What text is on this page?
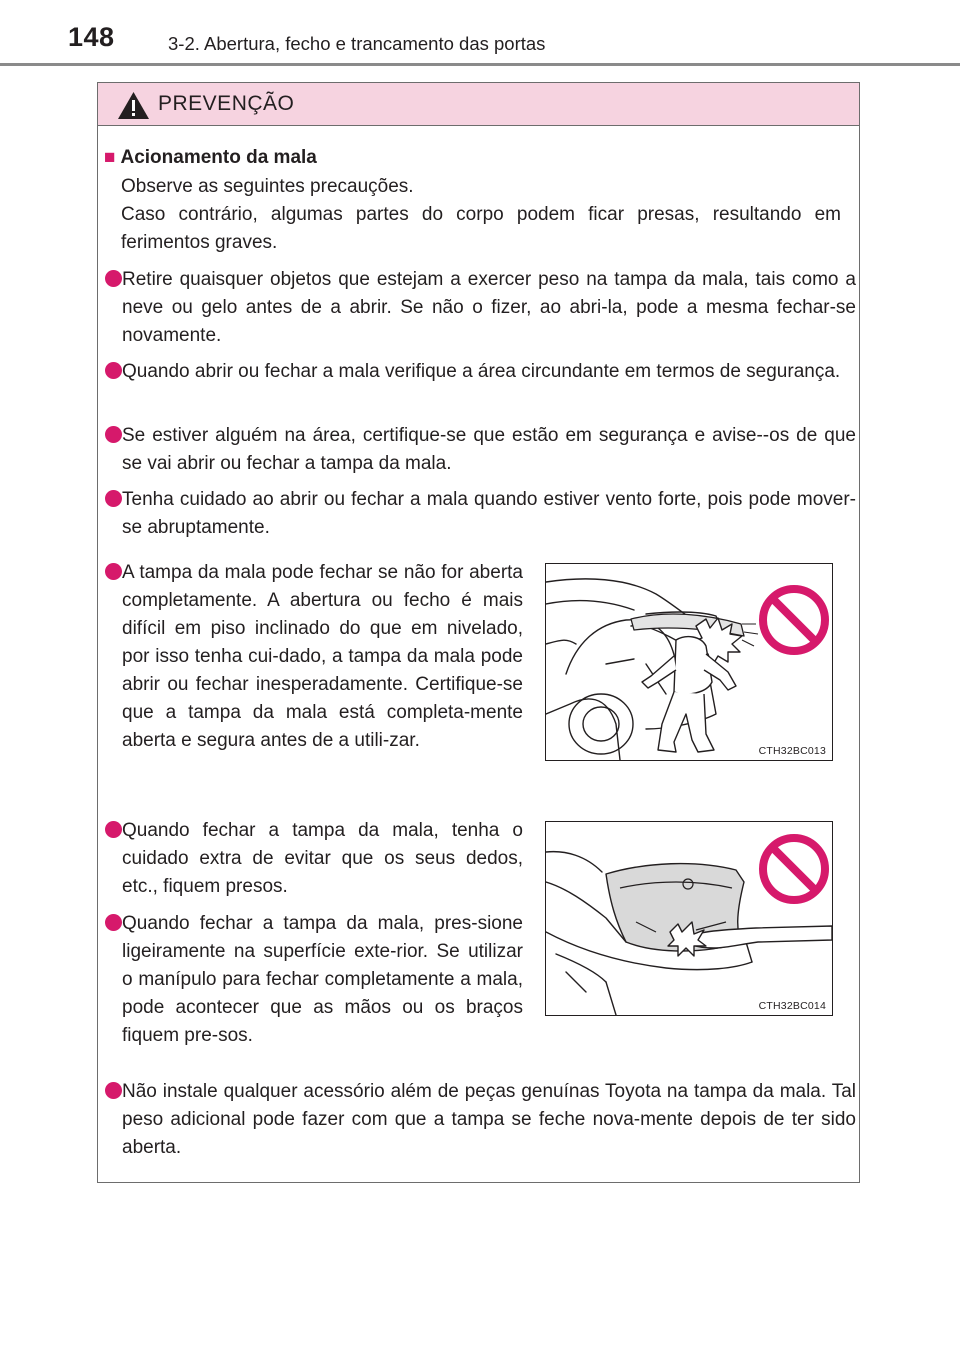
148	3-2. Abertura, fecho e trancamento das portas
PREVENÇÃO
■ Acionamento da mala
Observe as seguintes precauções.
Caso contrário, algumas partes do corpo podem ficar presas, resultando em ferimentos graves.
Retire quaisquer objetos que estejam a exercer peso na tampa da mala, tais como a neve ou gelo antes de a abrir. Se não o fizer, ao abri-la, pode a mesma fechar-se novamente.
Quando abrir ou fechar a mala verifique a área circundante em termos de segurança.
Se estiver alguém na área, certifique-se que estão em segurança e avise--os de que se vai abrir ou fechar a tampa da mala.
Tenha cuidado ao abrir ou fechar a mala quando estiver vento forte, pois pode mover-se abruptamente.
A tampa da mala pode fechar se não for aberta completamente. A abertura ou fecho é mais difícil em piso inclinado do que em nivelado, por isso tenha cui-dado, a tampa da mala pode abrir ou fechar inesperadamente. Certifique-se que a tampa da mala está completa-mente aberta e segura antes de a utili-zar.
Quando fechar a tampa da mala, tenha o cuidado extra de evitar que os seus dedos, etc., fiquem presos.
Quando fechar a tampa da mala, pres-sione ligeiramente na superfície exte-rior. Se utilizar o manípulo para fechar completamente a mala, pode acontecer que as mãos ou os braços fiquem pre-sos.
Não instale qualquer acessório além de peças genuínas Toyota na tampa da mala. Tal peso adicional pode fazer com que a tampa se feche nova-mente depois de ter sido aberta.
CTH32BC013
CTH32BC014
